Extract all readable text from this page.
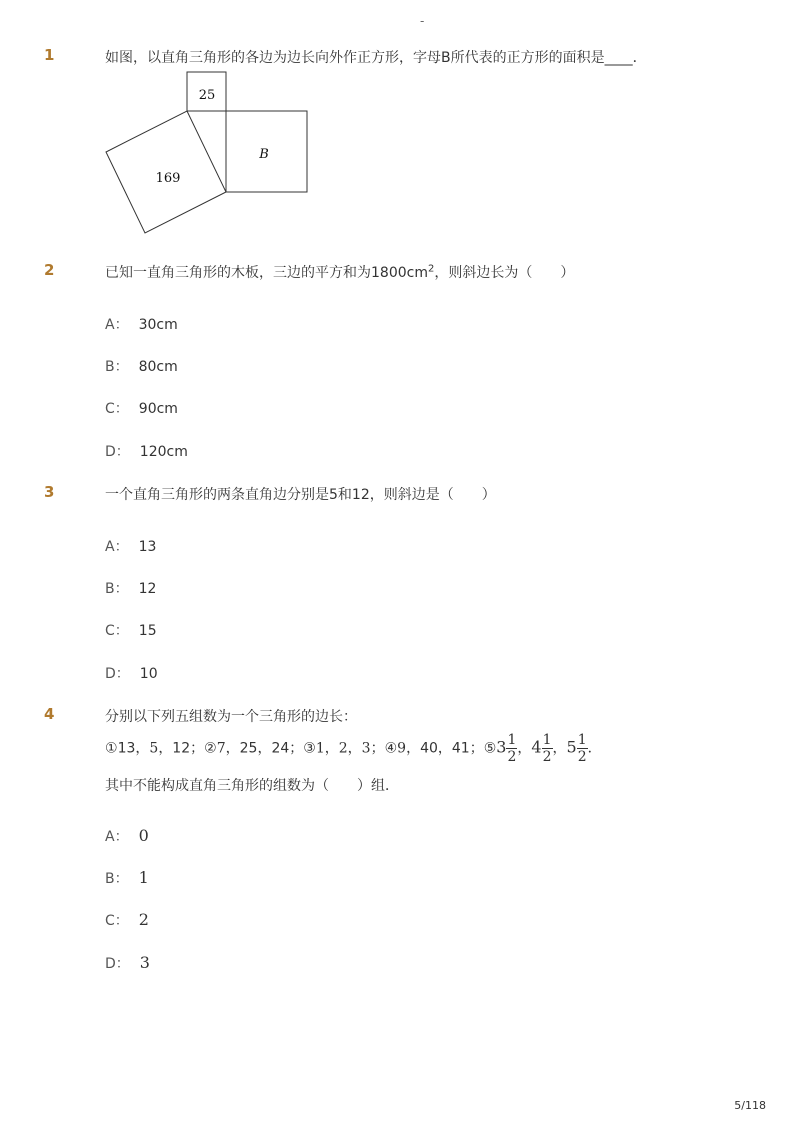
-
1	如图，以直角三角形的各边为边长向外作正方形，字母B所代表的正方形的面积是____．
25
169
B
2	已知一直角三角形的木板，三边的平方和为$1800cm^2$，则斜边长为（　　）
A： 30cm
B： 80cm
C： 90cm
D： 120cm
3	一个直角三角形的两条直角边分别是5和12，则斜边是（　　）
A： 13
B： 12
C： 15
D： 10
4	分别以下列五组数为一个三角形的边长：
①13，5，12；②7，25，24；③1，2，3；④9，40，41；⑤3 $\frac{1}{2}$ ，$4 \frac{1}{2}$ ，$5 \frac{1}{2}$ ．
其中不能构成直角三角形的组数为（　　）组．
A： 0
B： 1
C： 2
D： 3
5/118
